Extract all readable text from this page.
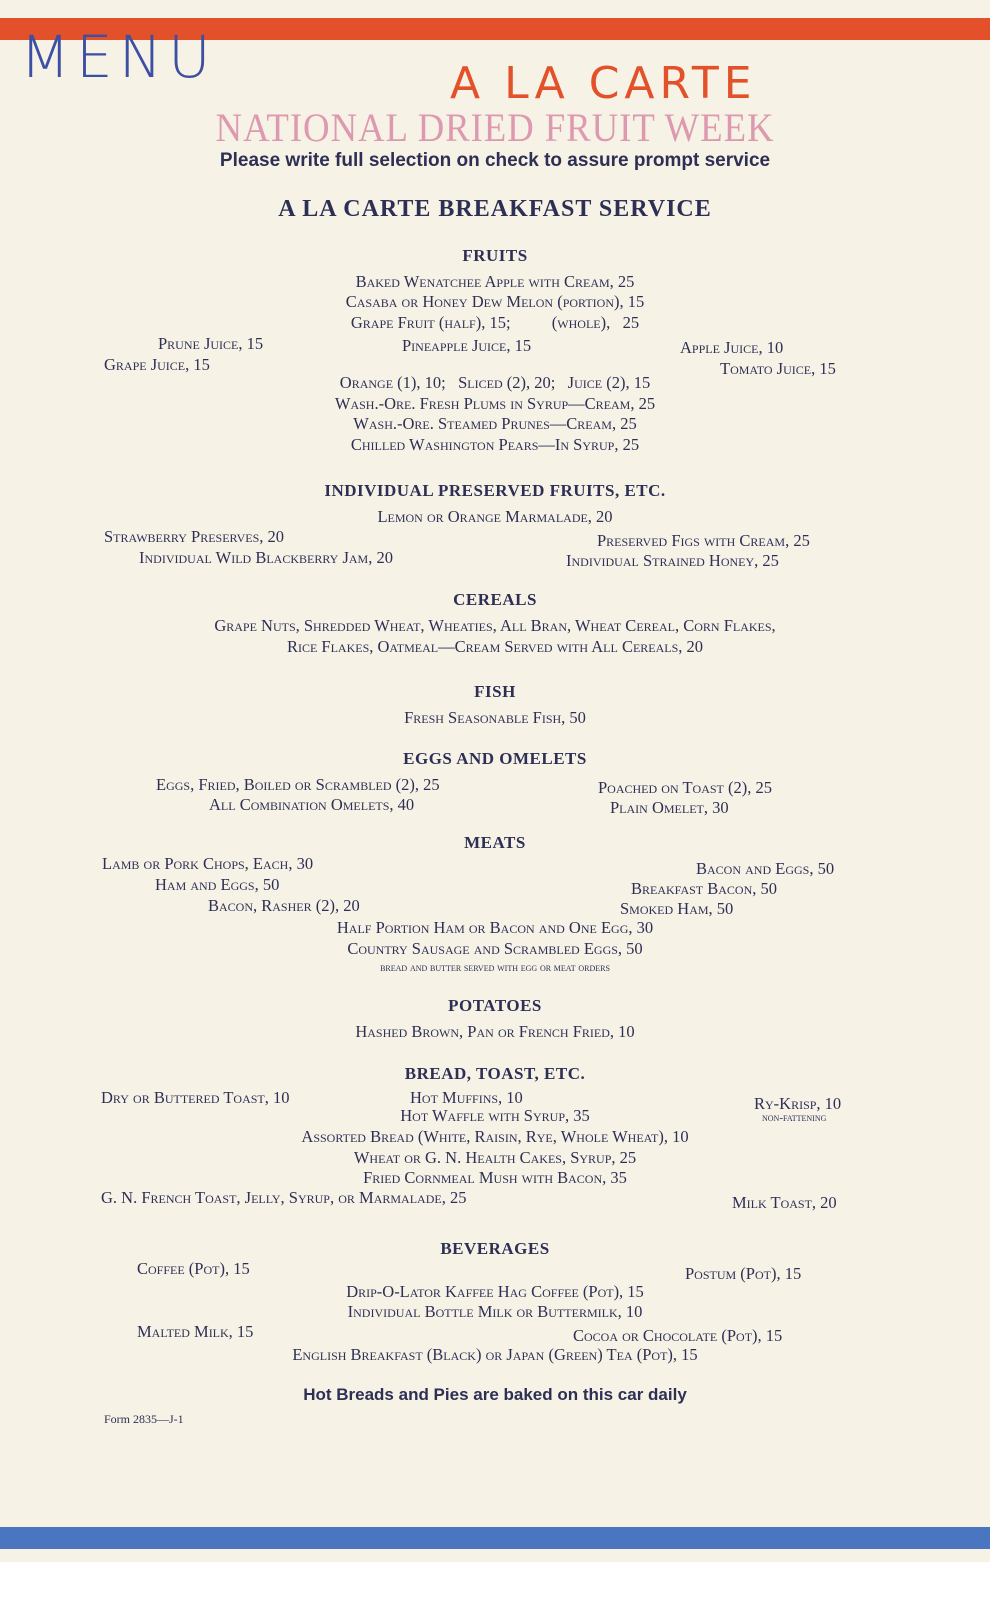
MENU	A LA CARTE
NATIONAL DRIED FRUIT WEEK
Please write full selection on check to assure prompt service
A LA CARTE BREAKFAST SERVICE
FRUITS
Baked Wenatchee Apple with Cream, 25
Casaba or Honey Dew Melon (portion), 15
Grape Fruit (half), 15;          (whole),   25
Prune Juice, 15	Pineapple Juice, 15	Apple Juice, 10
Grape Juice, 15	Tomato Juice, 15
Orange (1), 10;   Sliced (2), 20;   Juice (2), 15
Wash.-Ore. Fresh Plums in Syrup—Cream, 25
Wash.-Ore. Steamed Prunes—Cream, 25
Chilled Washington Pears—In Syrup, 25
INDIVIDUAL PRESERVED FRUITS, ETC.
Lemon or Orange Marmalade, 20
Strawberry Preserves, 20	Preserved Figs with Cream, 25
Individual Wild Blackberry Jam, 20	Individual Strained Honey, 25
CEREALS
Grape Nuts, Shredded Wheat, Wheaties, All Bran, Wheat Cereal, Corn Flakes,
Rice Flakes, Oatmeal—Cream Served with All Cereals, 20
FISH
Fresh Seasonable Fish, 50
EGGS AND OMELETS
Eggs, Fried, Boiled or Scrambled (2), 25	Poached on Toast (2), 25
All Combination Omelets, 40	Plain Omelet, 30
MEATS
Lamb or Pork Chops, Each, 30	Bacon and Eggs, 50
Ham and Eggs, 50	Breakfast Bacon, 50
Bacon, Rasher (2), 20	Smoked Ham, 50
Half Portion Ham or Bacon and One Egg, 30
Country Sausage and Scrambled Eggs, 50
bread and butter served with egg or meat orders
POTATOES
Hashed Brown, Pan or French Fried, 10
BREAD, TOAST, ETC.
Dry or Buttered Toast, 10	Hot Muffins, 10	Ry-Krisp, 10
non-fattening
Hot Waffle with Syrup, 35
Assorted Bread (White, Raisin, Rye, Whole Wheat), 10
Wheat or G. N. Health Cakes, Syrup, 25
Fried Cornmeal Mush with Bacon, 35
G. N. French Toast, Jelly, Syrup, or Marmalade, 25	Milk Toast, 20
BEVERAGES
Coffee (Pot), 15	Postum (Pot), 15
Drip-O-Lator Kaffee Hag Coffee (Pot), 15
Individual Bottle Milk or Buttermilk, 10
Malted Milk, 15	Cocoa or Chocolate (Pot), 15
English Breakfast (Black) or Japan (Green) Tea (Pot), 15
Hot Breads and Pies are baked on this car daily
Form 2835—J-1
